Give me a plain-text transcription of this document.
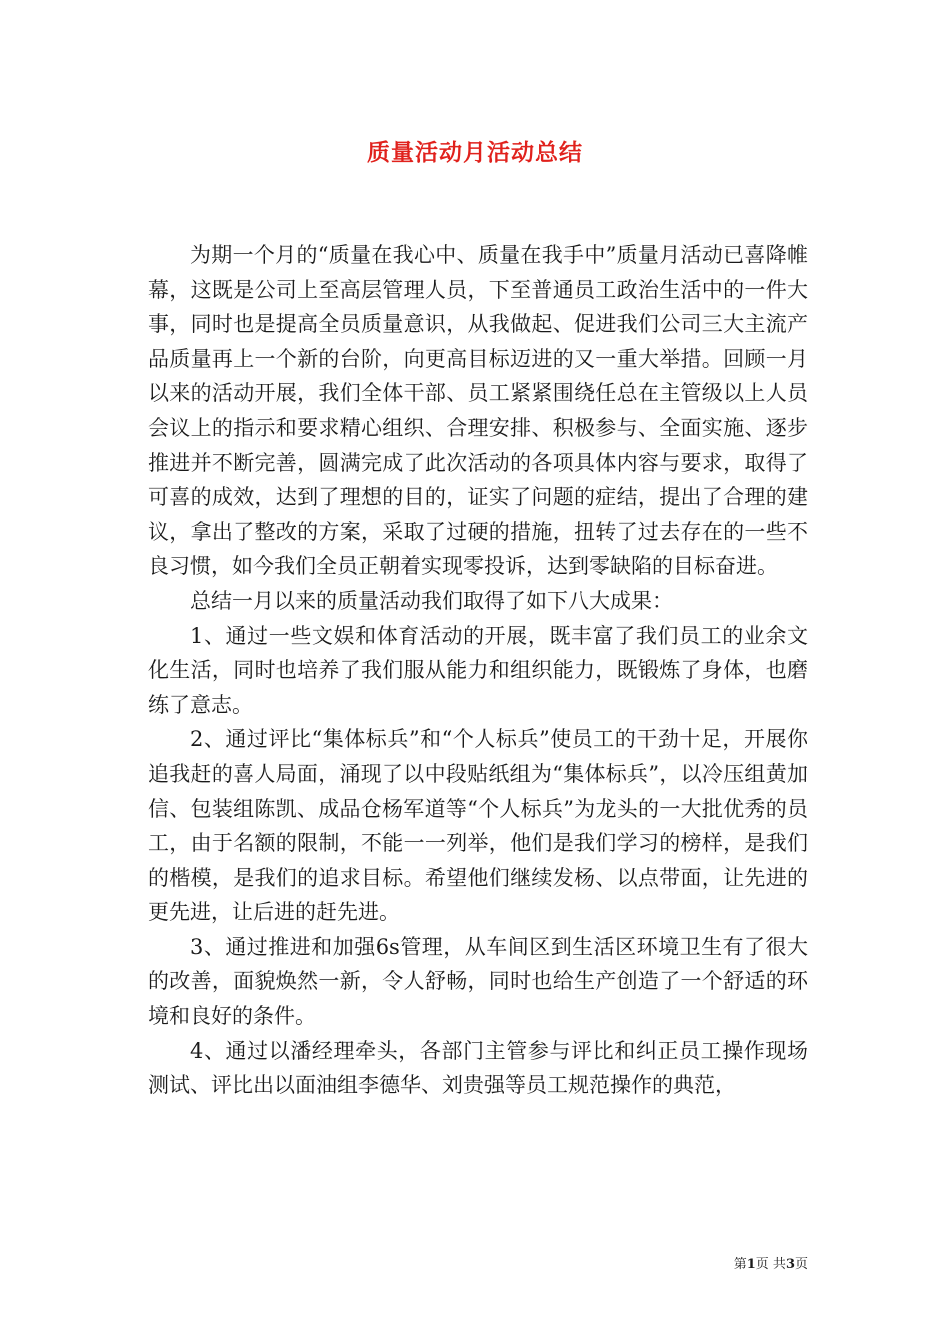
质量活动月活动总结

为期一个月的“质量在我心中、质量在我手中”质量月活动已喜降帷幕，这既是公司上至高层管理人员，下至普通员工政治生活中的一件大事，同时也是提高全员质量意识，从我做起、促进我们公司三大主流产品质量再上一个新的台阶，向更高目标迈进的又一重大举措。回顾一月以来的活动开展，我们全体干部、员工紧紧围绕任总在主管级以上人员会议上的指示和要求精心组织、合理安排、积极参与、全面实施、逐步推进并不断完善，圆满完成了此次活动的各项具体内容与要求，取得了可喜的成效，达到了理想的目的，证实了问题的症结，提出了合理的建议，拿出了整改的方案，采取了过硬的措施，扭转了过去存在的一些不良习惯，如今我们全员正朝着实现零投诉，达到零缺陷的目标奋进。

总结一月以来的质量活动我们取得了如下八大成果：

1、通过一些文娱和体育活动的开展，既丰富了我们员工的业余文化生活，同时也培养了我们服从能力和组织能力，既锻炼了身体，也磨练了意志。

2、通过评比“集体标兵”和“个人标兵”使员工的干劲十足，开展你追我赶的喜人局面，涌现了以中段贴纸组为“集体标兵”，以冷压组黄加信、包装组陈凯、成品仓杨军道等“个人标兵”为龙头的一大批优秀的员工，由于名额的限制，不能一一列举，他们是我们学习的榜样，是我们的楷模，是我们的追求目标。希望他们继续发杨、以点带面，让先进的更先进，让后进的赶先进。

3、通过推进和加强6s管理，从车间区到生活区环境卫生有了很大的改善，面貌焕然一新，令人舒畅，同时也给生产创造了一个舒适的环境和良好的条件。

4、通过以潘经理牵头，各部门主管参与评比和纠正员工操作现场测试、评比出以面油组李德华、刘贵强等员工规范操作的典范，

第1页 共3页
